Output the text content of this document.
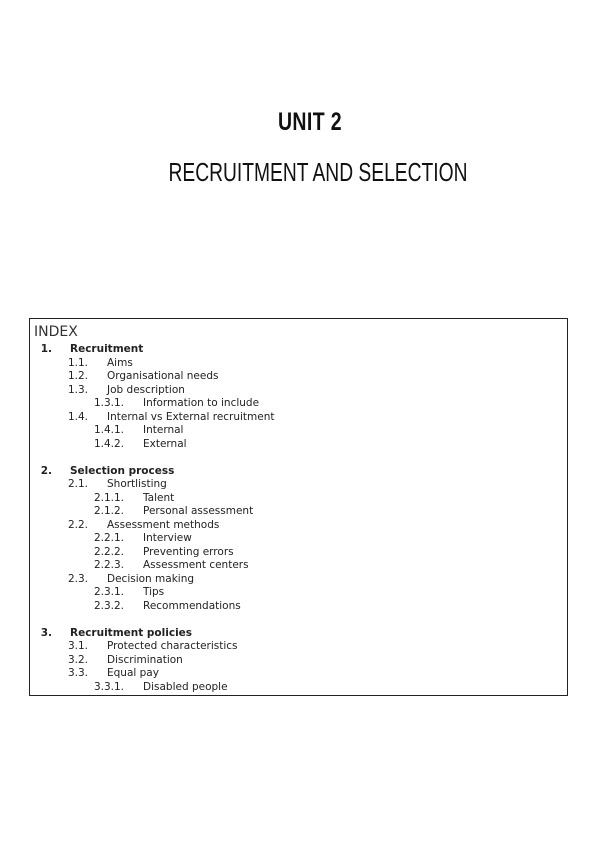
UNIT 2
RECRUITMENT AND SELECTION
INDEX
1. Recruitment
1.1. Aims
1.2. Organisational needs
1.3. Job description
1.3.1. Information to include
1.4. Internal vs External recruitment
1.4.1. Internal
1.4.2. External
2. Selection process
2.1. Shortlisting
2.1.1. Talent
2.1.2. Personal assessment
2.2. Assessment methods
2.2.1. Interview
2.2.2. Preventing errors
2.2.3. Assessment centers
2.3. Decision making
2.3.1. Tips
2.3.2. Recommendations
3. Recruitment policies
3.1. Protected characteristics
3.2. Discrimination
3.3. Equal pay
3.3.1. Disabled people
